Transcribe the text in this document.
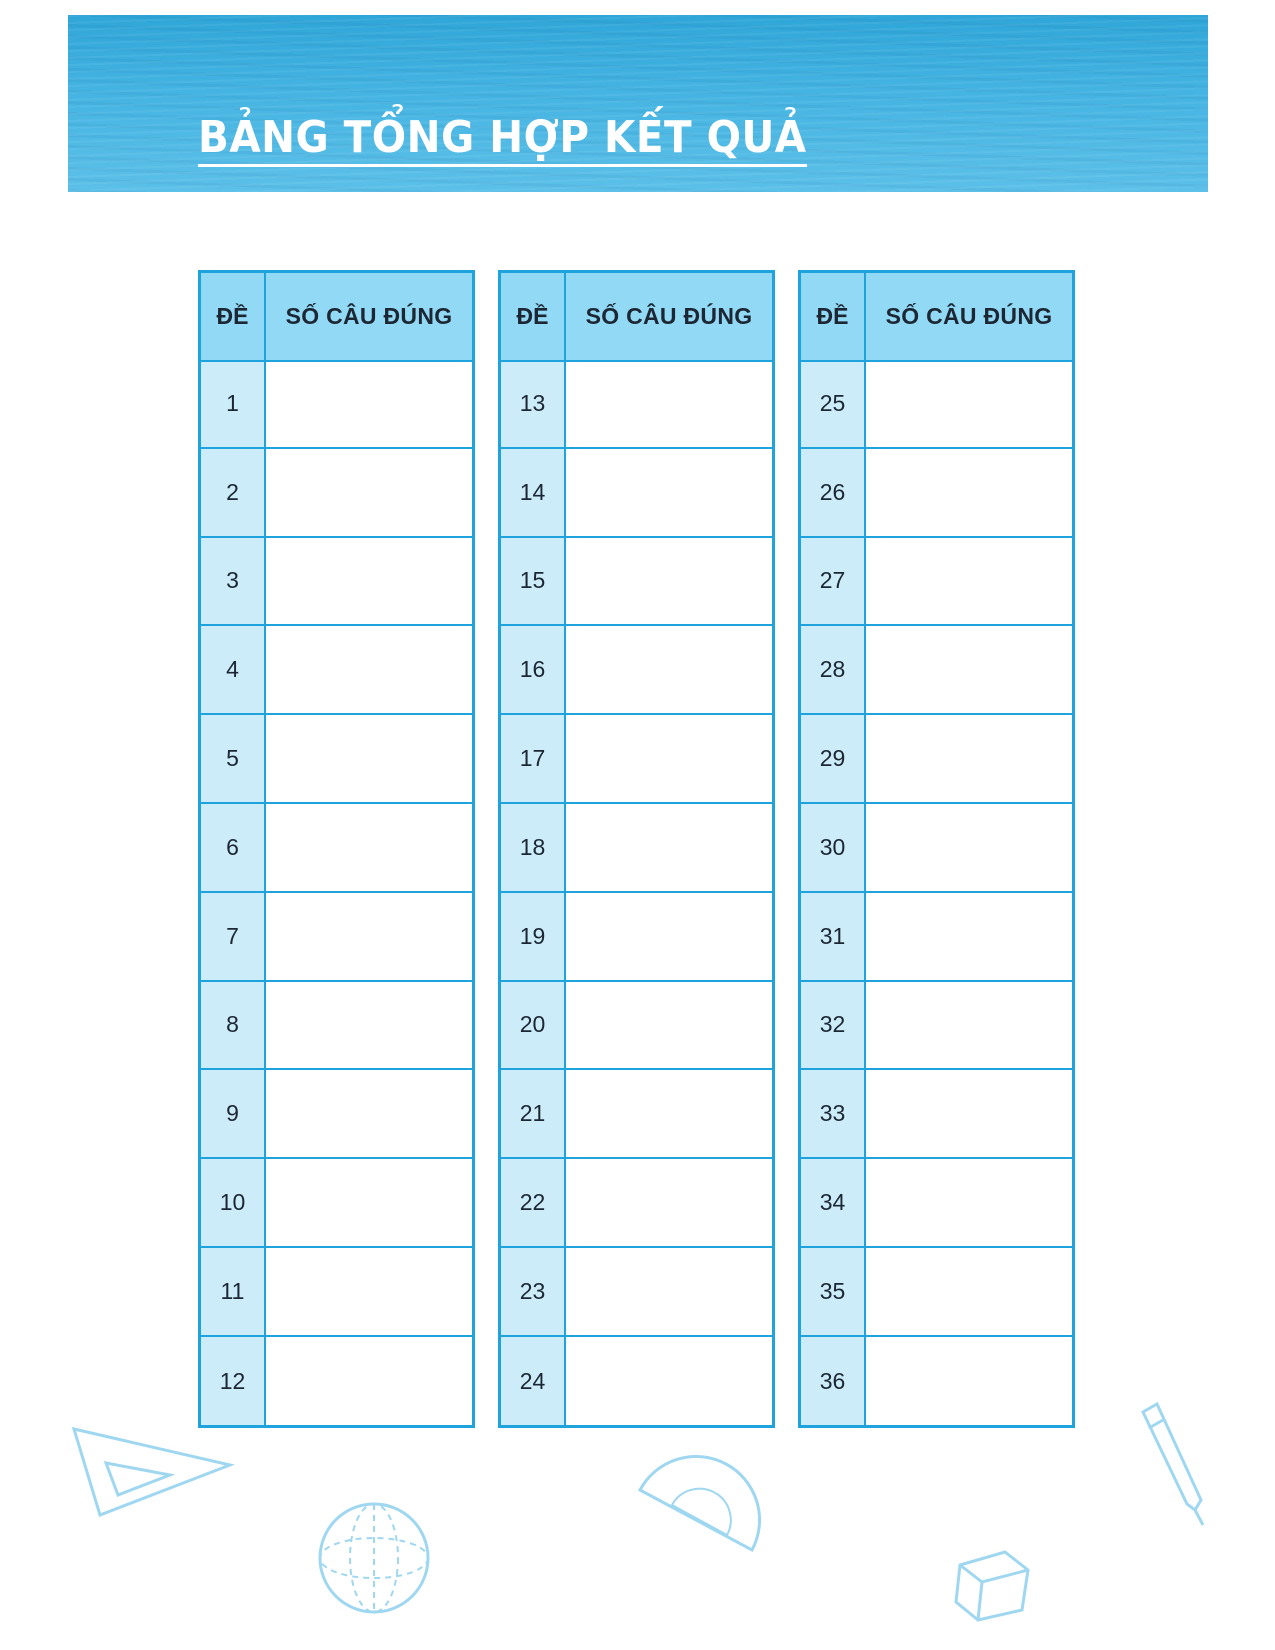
BẢNG TỔNG HỢP KẾT QUẢ
ĐỀ	SỐ CÂU ĐÚNG
1
2
3
4
5
6
7
8
9
10
11
12
ĐỀ	SỐ CÂU ĐÚNG
13
14
15
16
17
18
19
20
21
22
23
24
ĐỀ	SỐ CÂU ĐÚNG
25
26
27
28
29
30
31
32
33
34
35
36
